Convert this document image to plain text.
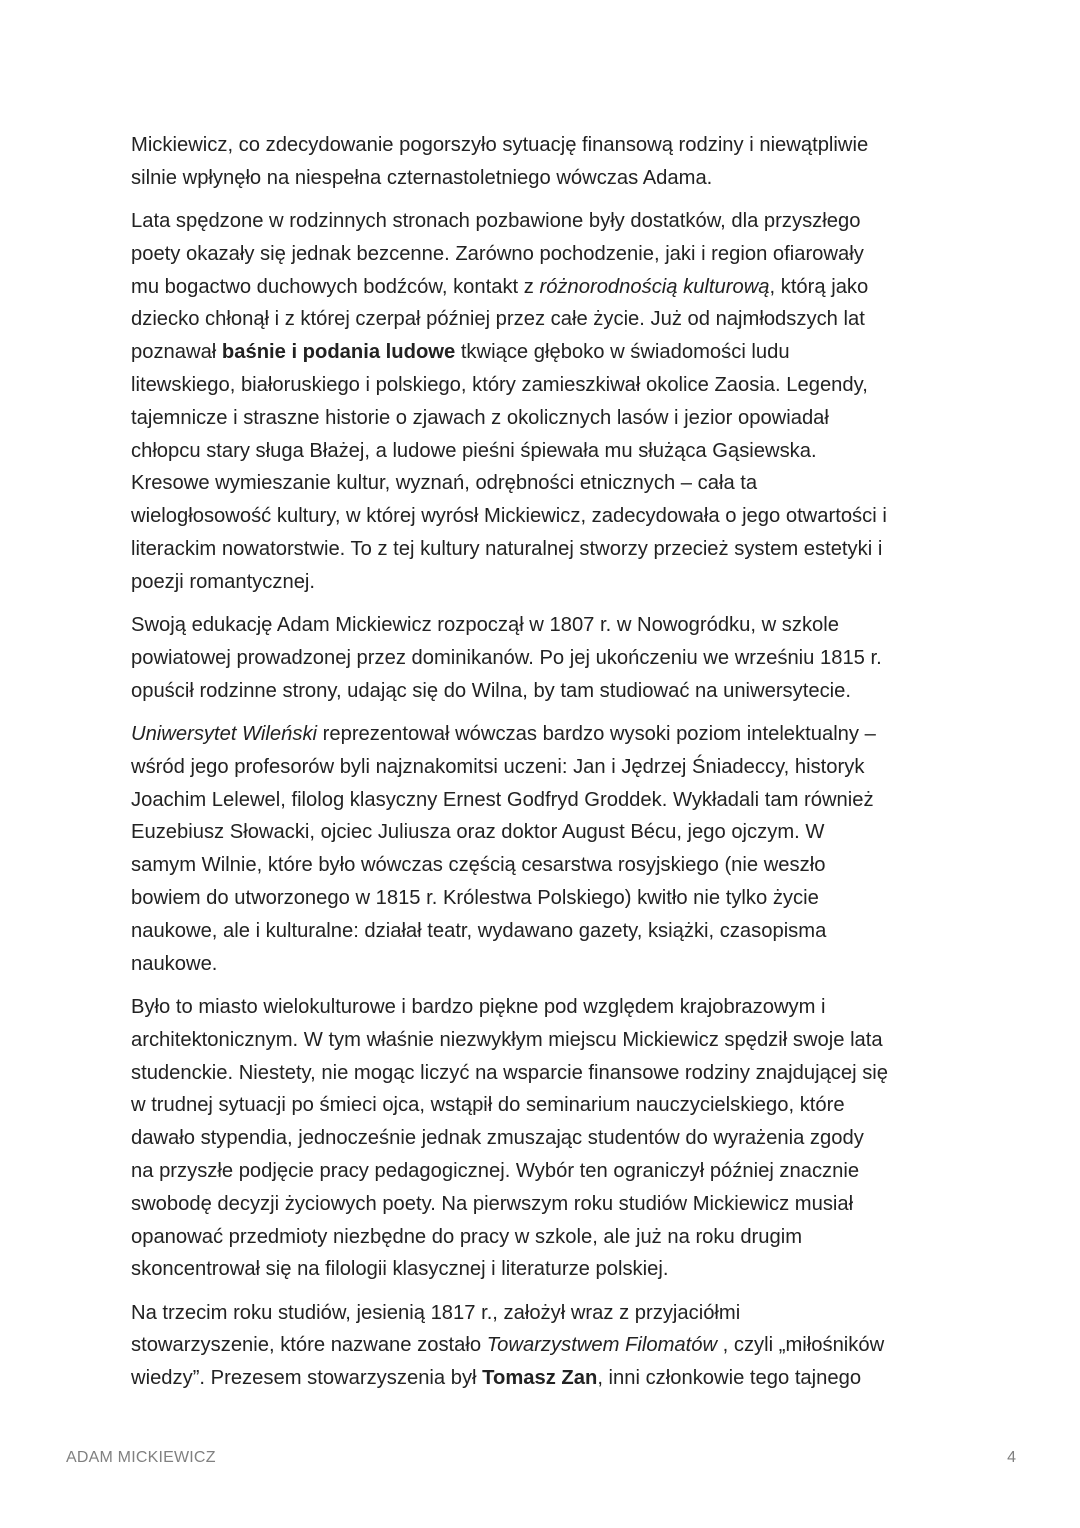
Mickiewicz, co zdecydowanie pogorszyło sytuację finansową rodziny i niewątpliwie
silnie wpłynęło na niespełna czternastoletniego wówczas Adama.

Lata spędzone w rodzinnych stronach pozbawione były dostatków, dla przyszłego
poety okazały się jednak bezcenne. Zarówno pochodzenie, jaki i region ofiarowały
mu bogactwo duchowych bodźców, kontakt z różnorodnością kulturową, którą jako
dziecko chłonął i z której czerpał później przez całe życie. Już od najmłodszych lat
poznawał baśnie i podania ludowe tkwiące głęboko w świadomości ludu
litewskiego, białoruskiego i polskiego, który zamieszkiwał okolice Zaosia. Legendy,
tajemnicze i straszne historie o zjawach z okolicznych lasów i jezior opowiadał
chłopcu stary sługa Błażej, a ludowe pieśni śpiewała mu służąca Gąsiewska.
Kresowe wymieszanie kultur, wyznań, odrębności etnicznych – cała ta
wielogłosowość kultury, w której wyrósł Mickiewicz, zadecydowała o jego otwartości i
literackim nowatorstwie. To z tej kultury naturalnej stworzy przecież system estetyki i
poezji romantycznej.

Swoją edukację Adam Mickiewicz rozpoczął w 1807 r. w Nowogródku, w szkole
powiatowej prowadzonej przez dominikanów. Po jej ukończeniu we wrześniu 1815 r.
opuścił rodzinne strony, udając się do Wilna, by tam studiować na uniwersytecie.

Uniwersytet Wileński reprezentował wówczas bardzo wysoki poziom intelektualny –
wśród jego profesorów byli najznakomitsi uczeni: Jan i Jędrzej Śniadeccy, historyk
Joachim Lelewel, filolog klasyczny Ernest Godfryd Groddek. Wykładali tam również
Euzebiusz Słowacki, ojciec Juliusza oraz doktor August Bécu, jego ojczym. W
samym Wilnie, które było wówczas częścią cesarstwa rosyjskiego (nie weszło
bowiem do utworzonego w 1815 r. Królestwa Polskiego) kwitło nie tylko życie
naukowe, ale i kulturalne: działał teatr, wydawano gazety, książki, czasopisma
naukowe.

Było to miasto wielokulturowe i bardzo piękne pod względem krajobrazowym i
architektonicznym. W tym właśnie niezwykłym miejscu Mickiewicz spędził swoje lata
studenckie. Niestety, nie mogąc liczyć na wsparcie finansowe rodziny znajdującej się
w trudnej sytuacji po śmieci ojca, wstąpił do seminarium nauczycielskiego, które
dawało stypendia, jednocześnie jednak zmuszając studentów do wyrażenia zgody
na przyszłe podjęcie pracy pedagogicznej. Wybór ten ograniczył później znacznie
swobodę decyzji życiowych poety. Na pierwszym roku studiów Mickiewicz musiał
opanować przedmioty niezbędne do pracy w szkole, ale już na roku drugim
skoncentrował się na filologii klasycznej i literaturze polskiej.

Na trzecim roku studiów, jesienią 1817 r., założył wraz z przyjaciółmi
stowarzyszenie, które nazwane zostało Towarzystwem Filomatów , czyli „miłośników
wiedzy”. Prezesem stowarzyszenia był Tomasz Zan, inni członkowie tego tajnego

ADAM MICKIEWICZ	4
